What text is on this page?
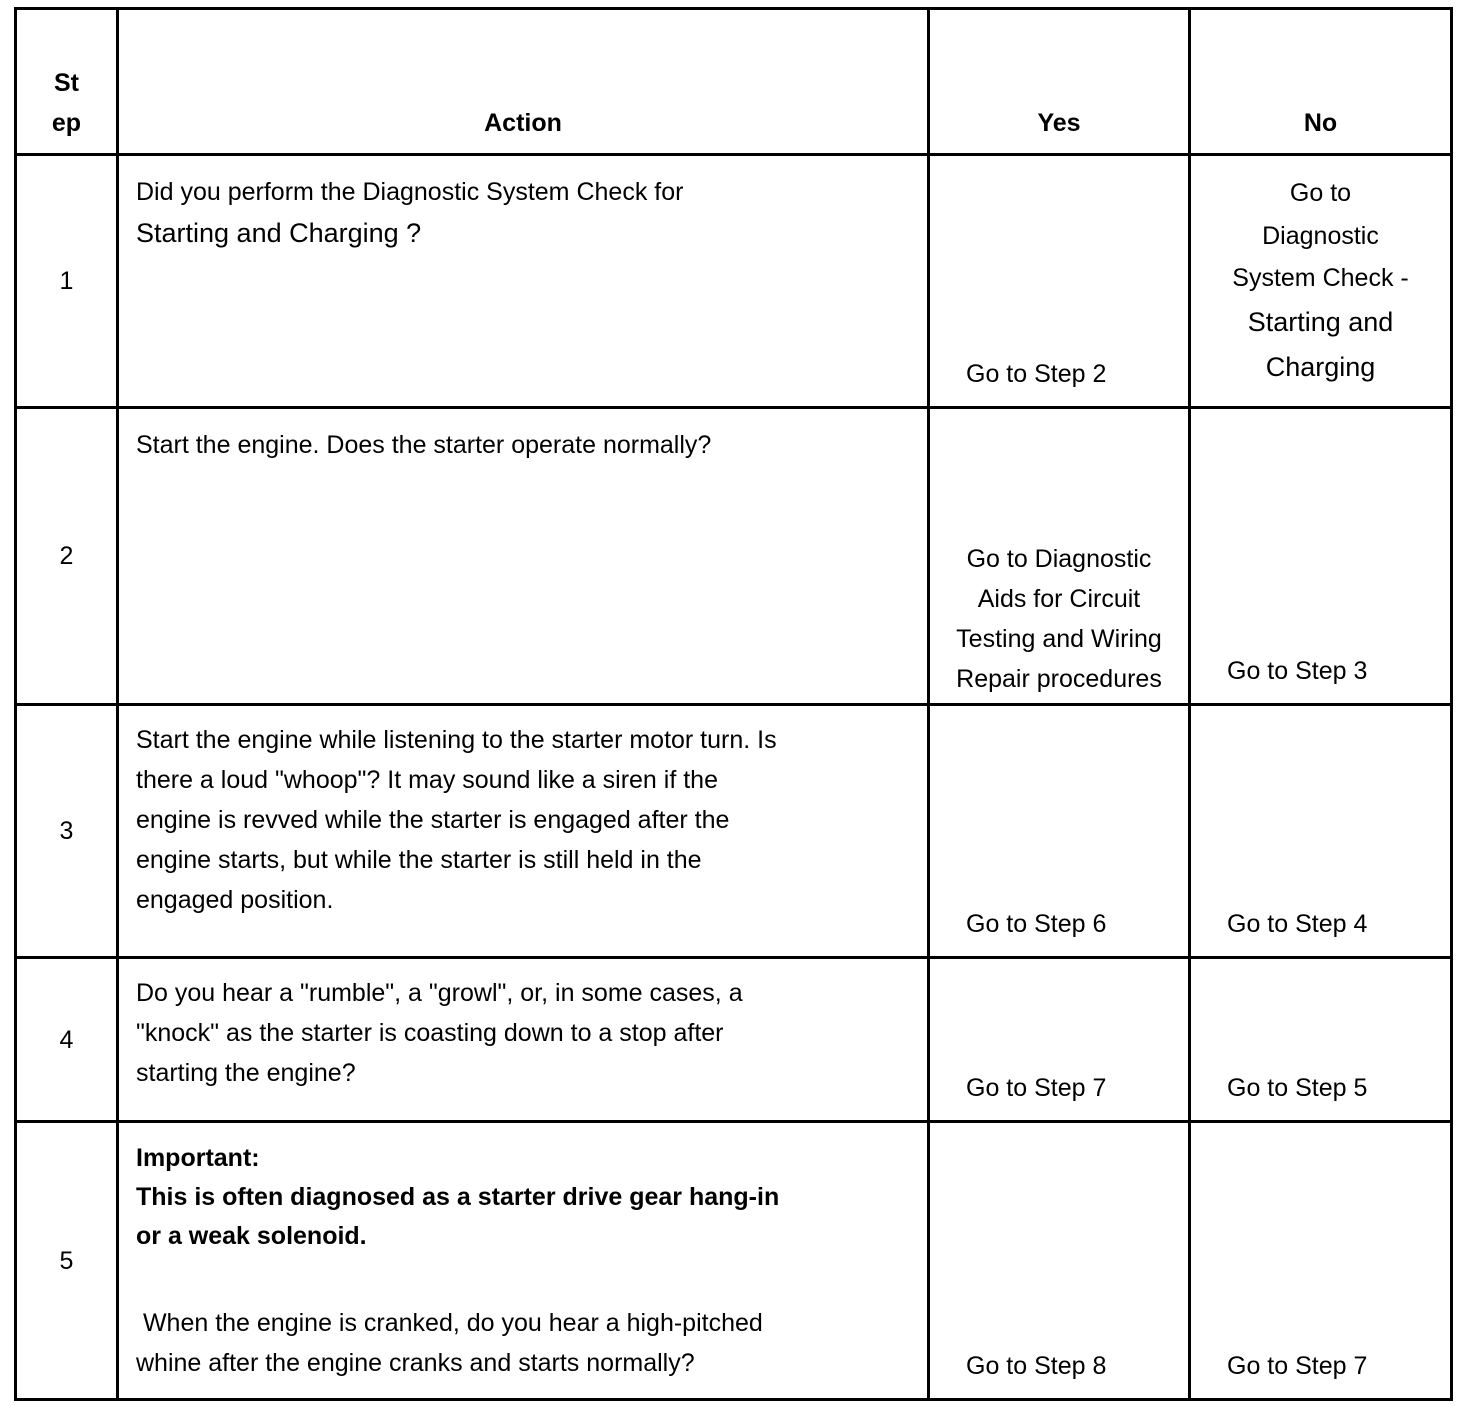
St
ep	Action	Yes	No
1	Did you perform the Diagnostic System Check for
Starting and Charging ?	Go to Step 2	Go to
Diagnostic
System Check -
Starting and
Charging

2	Start the engine. Does the starter operate normally?	Go to Diagnostic
Aids for Circuit
Testing and Wiring
Repair procedures	Go to Step 3

3	Start the engine while listening to the starter motor turn. Is
there a loud "whoop"? It may sound like a siren if the
engine is revved while the starter is engaged after the
engine starts, but while the starter is still held in the
engaged position.	Go to Step 6	Go to Step 4

4	Do you hear a "rumble", a "growl", or, in some cases, a
"knock" as the starter is coasting down to a stop after
starting the engine?	Go to Step 7	Go to Step 5

5	Important:
This is often diagnosed as a starter drive gear hang-in
or a weak solenoid.
When the engine is cranked, do you hear a high-pitched
whine after the engine cranks and starts normally?	Go to Step 8	Go to Step 7
